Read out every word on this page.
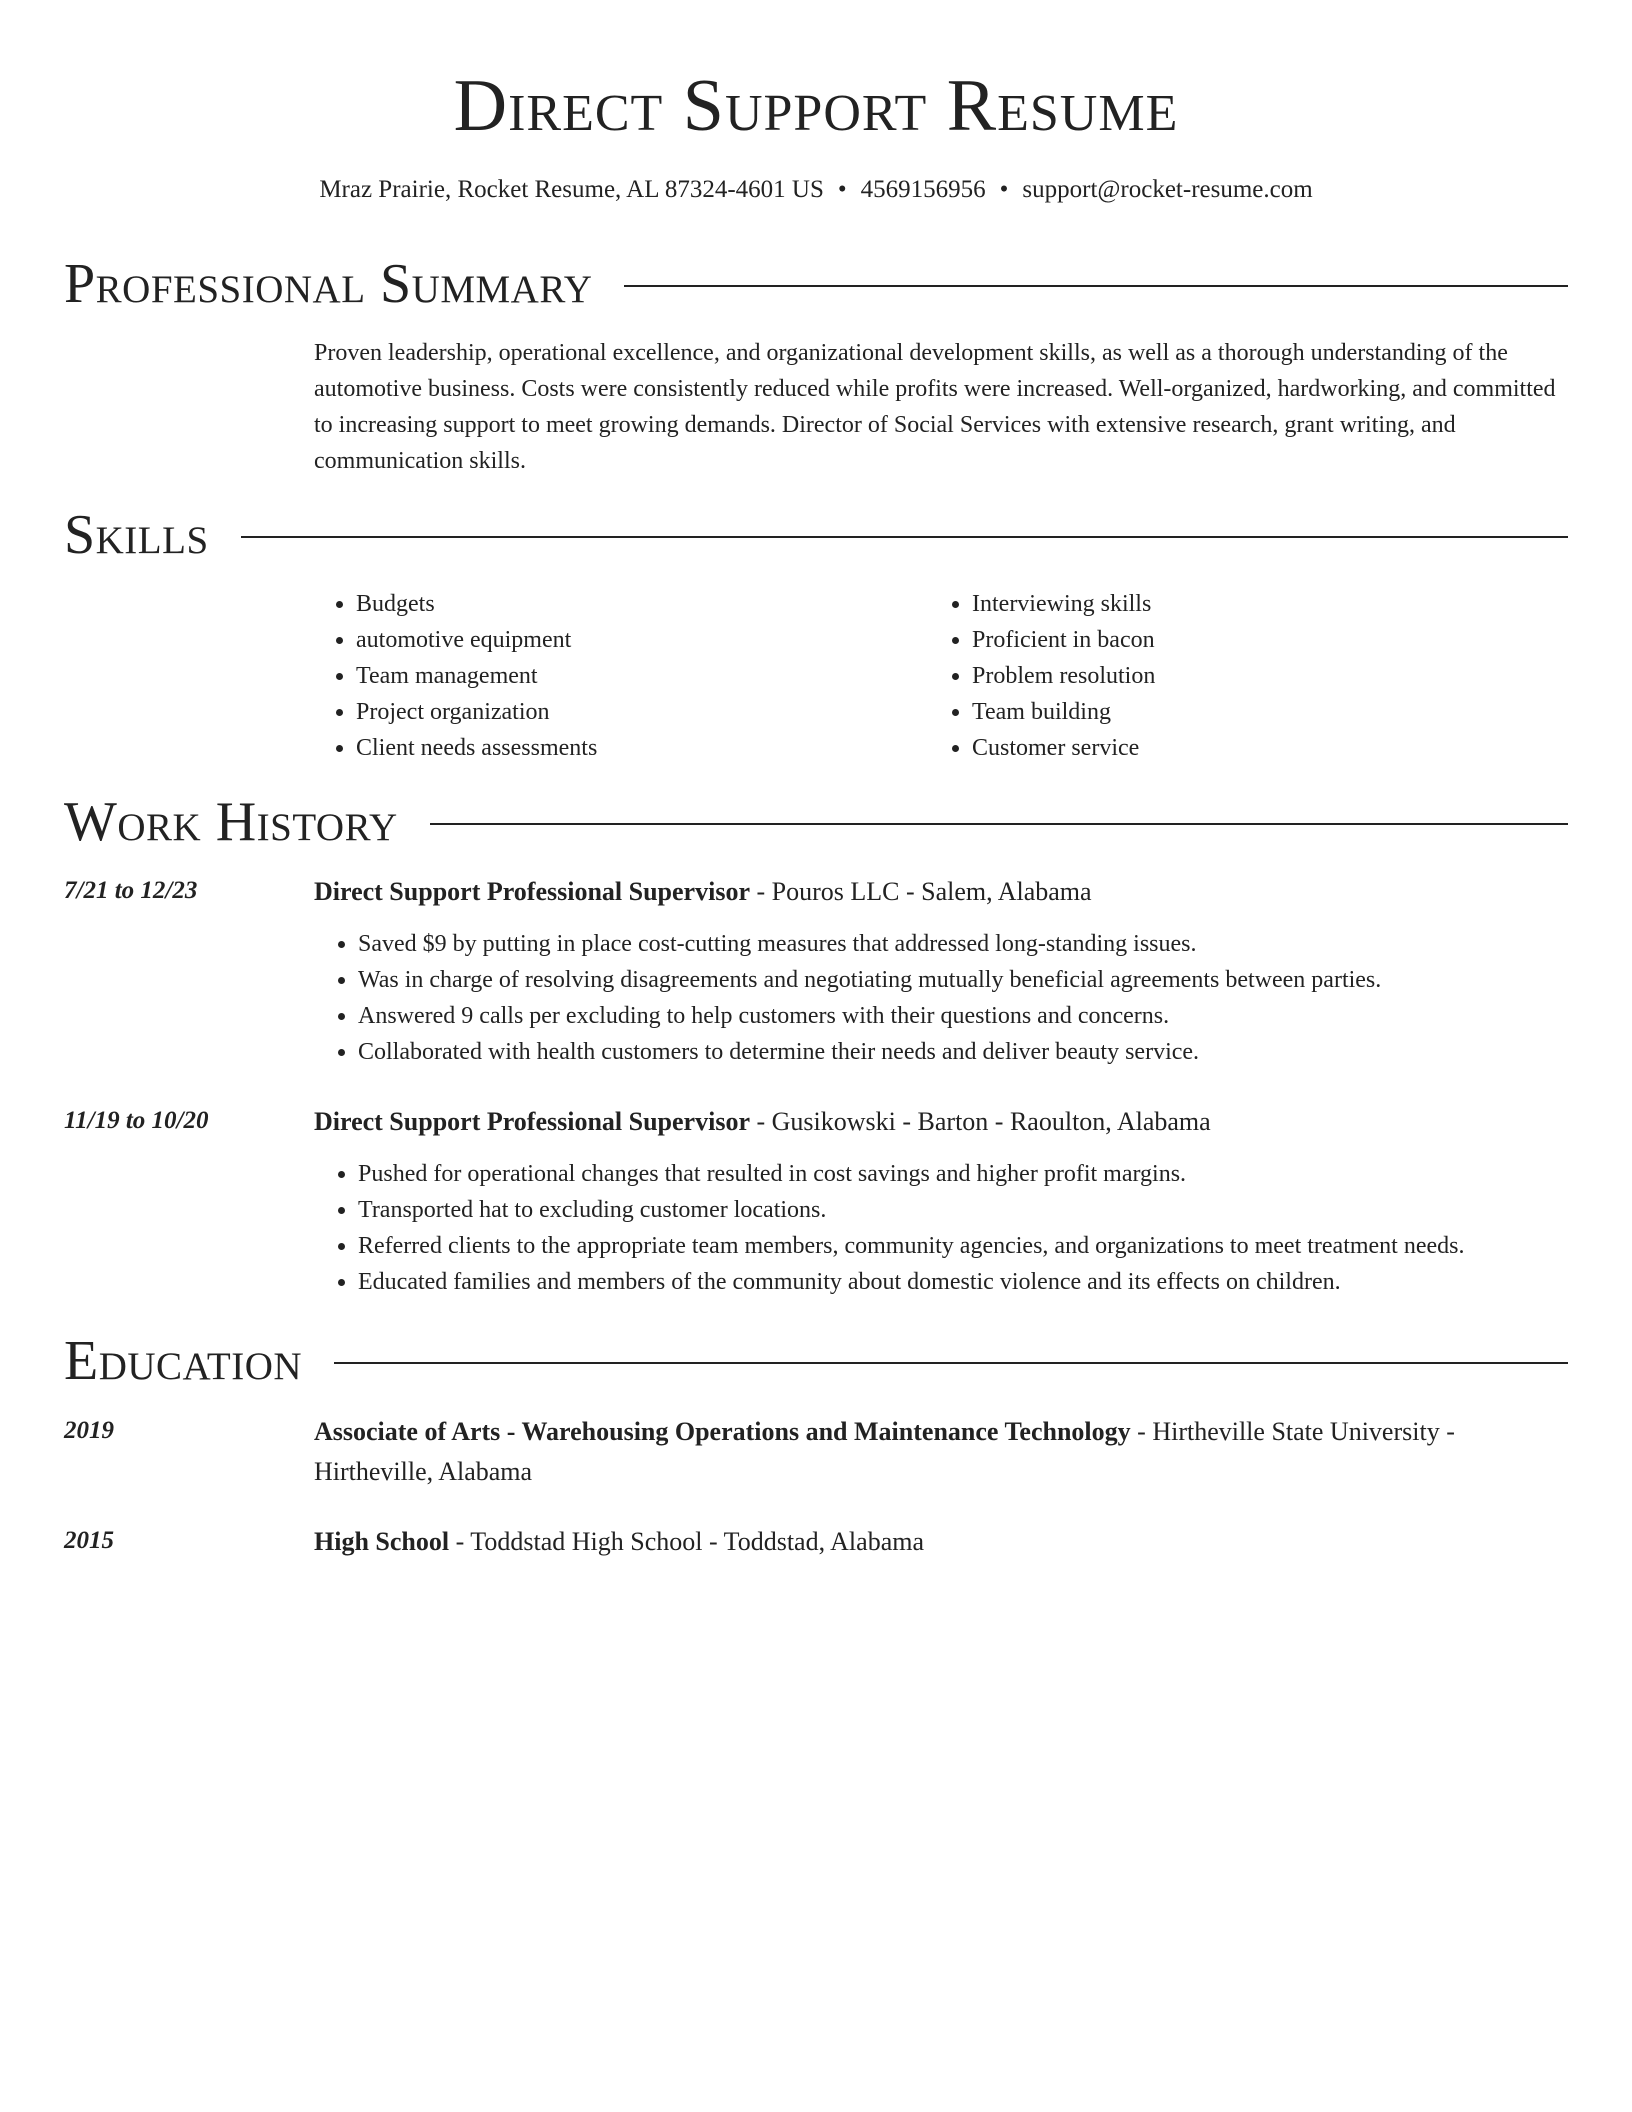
Direct Support Resume
Mraz Prairie, Rocket Resume, AL 87324-4601 US • 4569156956 • support@rocket-resume.com
Professional Summary

Proven leadership, operational excellence, and organizational development skills, as well as a thorough understanding of the automotive business. Costs were consistently reduced while profits were increased. Well-organized, hardworking, and committed to increasing support to meet growing demands. Director of Social Services with extensive research, grant writing, and communication skills.

Skills
• Budgets
• automotive equipment
• Team management
• Project organization
• Client needs assessments
• Interviewing skills
• Proficient in bacon
• Problem resolution
• Team building
• Customer service
Work History
7/21 to 12/23	Direct Support Professional Supervisor - Pouros LLC - Salem, Alabama
• Saved $9 by putting in place cost-cutting measures that addressed long-standing issues.
• Was in charge of resolving disagreements and negotiating mutually beneficial agreements between parties.
• Answered 9 calls per excluding to help customers with their questions and concerns.
• Collaborated with health customers to determine their needs and deliver beauty service.
11/19 to 10/20	Direct Support Professional Supervisor - Gusikowski - Barton - Raoulton, Alabama
• Pushed for operational changes that resulted in cost savings and higher profit margins.
• Transported hat to excluding customer locations.
• Referred clients to the appropriate team members, community agencies, and organizations to meet treatment needs.
• Educated families and members of the community about domestic violence and its effects on children.
Education
2019	Associate of Arts - Warehousing Operations and Maintenance Technology - Hirtheville State University - Hirtheville, Alabama
2015	High School - Toddstad High School - Toddstad, Alabama
